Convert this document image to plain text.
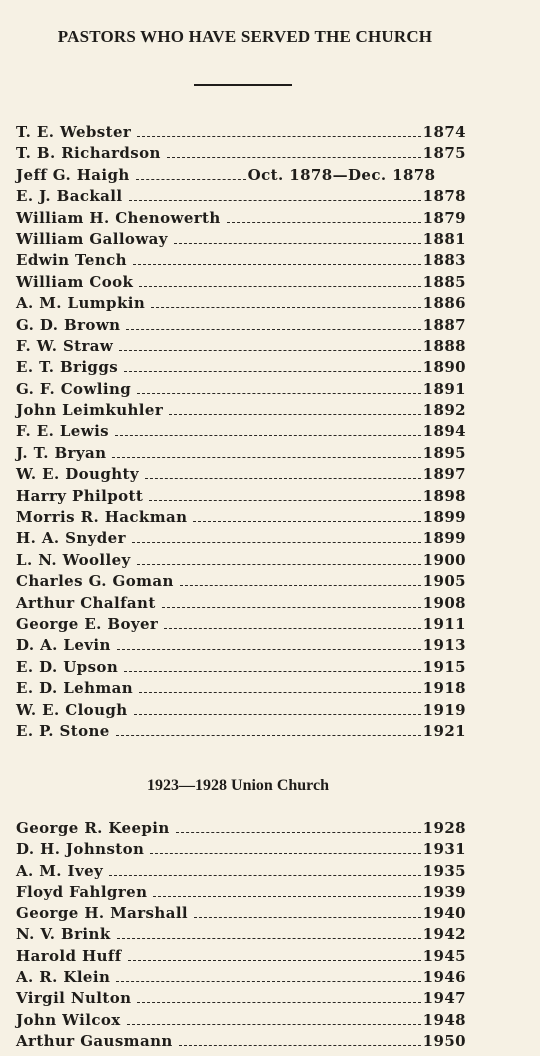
PASTORS WHO HAVE SERVED THE CHURCH
T. E. Webster	1874
T. B. Richardson	1875
Jeff G. Haigh	Oct. 1878—Dec. 1878
E. J. Backall	1878
William H. Chenowerth	1879
William Galloway	1881
Edwin Tench	1883
William Cook	1885
A. M. Lumpkin	1886
G. D. Brown	1887
F. W. Straw	1888
E. T. Briggs	1890
G. F. Cowling	1891
John Leimkuhler	1892
F. E. Lewis	1894
J. T. Bryan	1895
W. E. Doughty	1897
Harry Philpott	1898
Morris R. Hackman	1899
H. A. Snyder	1899
L. N. Woolley	1900
Charles G. Goman	1905
Arthur Chalfant	1908
George E. Boyer	1911
D. A. Levin	1913
E. D. Upson	1915
E. D. Lehman	1918
W. E. Clough	1919
E. P. Stone	1921
1923—1928 Union Church
George R. Keepin	1928
D. H. Johnston	1931
A. M. Ivey	1935
Floyd Fahlgren	1939
George H. Marshall	1940
N. V. Brink	1942
Harold Huff	1945
A. R. Klein	1946
Virgil Nulton	1947
John Wilcox	1948
Arthur Gausmann	1950
